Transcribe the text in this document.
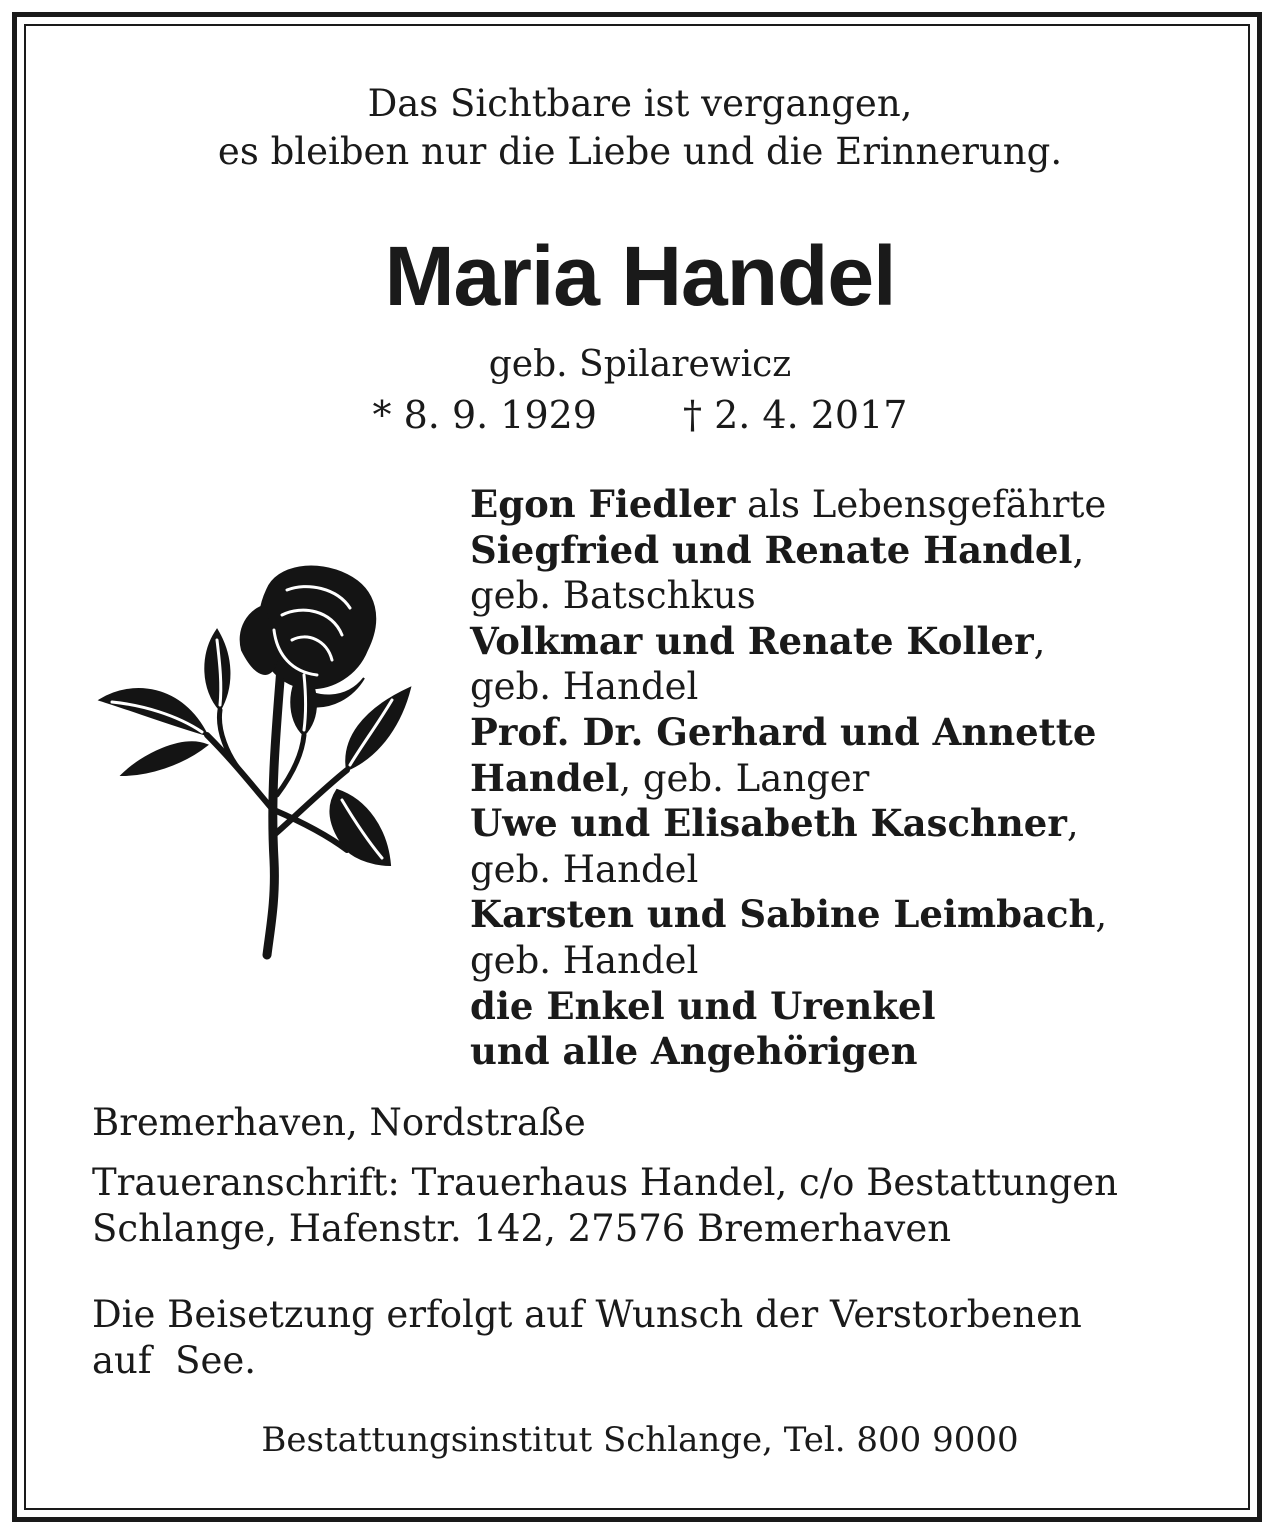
Das Sichtbare ist vergangen,
es bleiben nur die Liebe und die Erinnerung.
Maria Handel
geb. Spilarewicz
* 8. 9. 1929 † 2. 4. 2017
Egon Fiedler als Lebensgefährte
Siegfried und Renate Handel,
geb. Batschkus
Volkmar und Renate Koller,
geb. Handel
Prof. Dr. Gerhard und Annette
Handel, geb. Langer
Uwe und Elisabeth Kaschner,
geb. Handel
Karsten und Sabine Leimbach,
geb. Handel
die Enkel und Urenkel
und alle Angehörigen
Bremerhaven, Nordstraße
Traueranschrift: Trauerhaus Handel, c/o Bestattungen
Schlange, Hafenstr. 142, 27576 Bremerhaven
Die Beisetzung erfolgt auf Wunsch der Verstorbenen
auf  See.
Bestattungsinstitut Schlange, Tel. 800 9000
